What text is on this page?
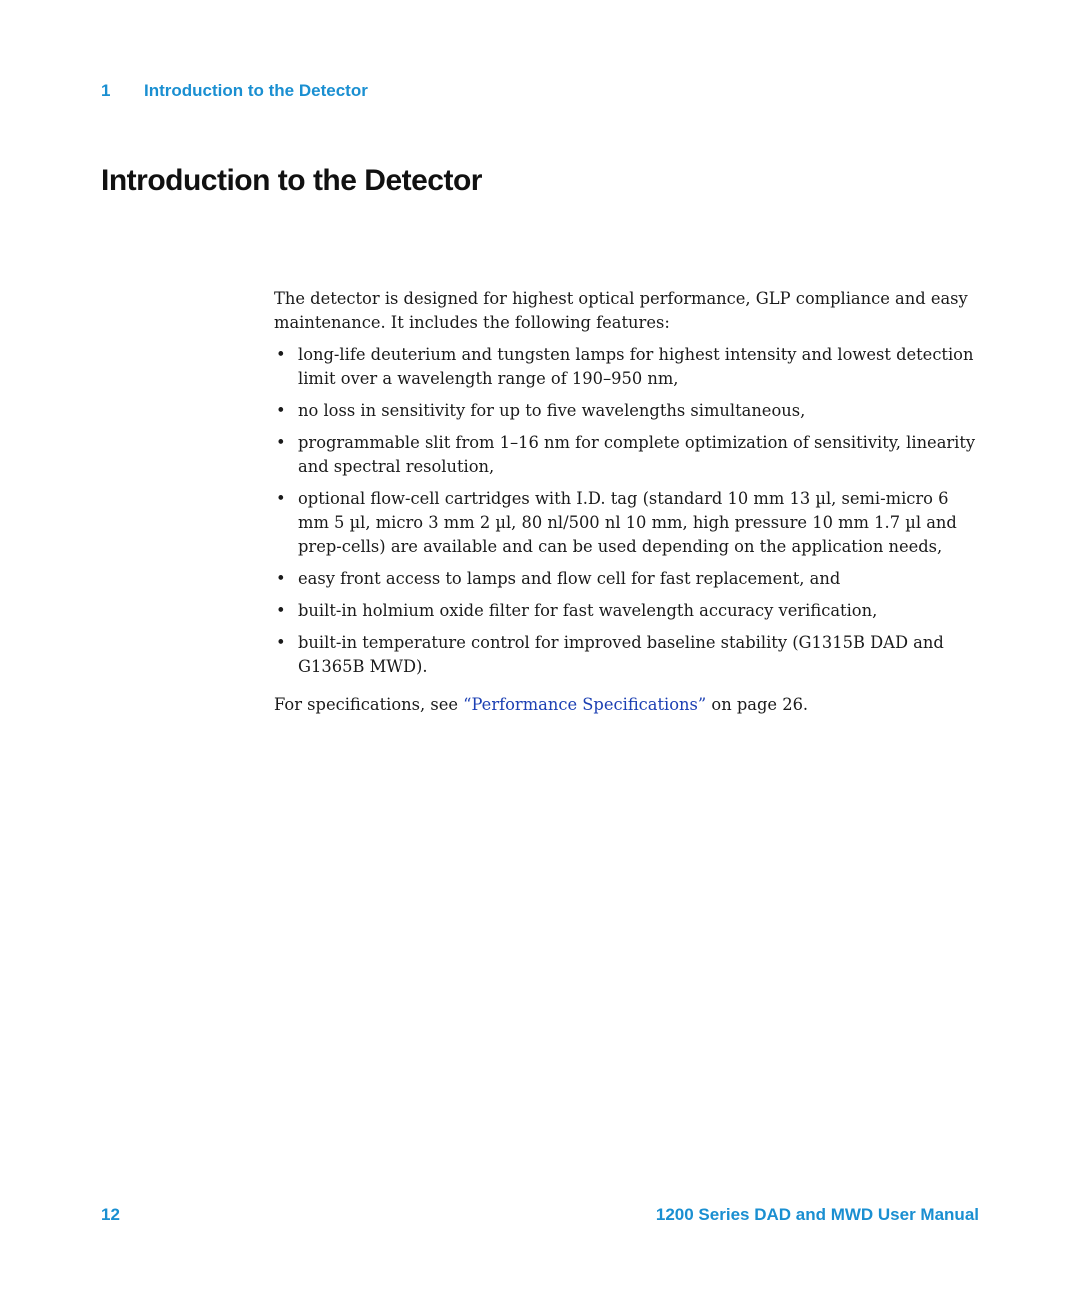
1 Introduction to the Detector
Introduction to the Detector

The detector is designed for highest optical performance, GLP compliance and easy maintenance. It includes the following features:

• long-life deuterium and tungsten lamps for highest intensity and lowest detection limit over a wavelength range of 190–950 nm,
• no loss in sensitivity for up to five wavelengths simultaneous,
• programmable slit from 1–16 nm for complete optimization of sensitivity, linearity and spectral resolution,
• optional flow-cell cartridges with I.D. tag (standard 10 mm 13 µl, semi-micro 6 mm 5 µl, micro 3 mm 2 µl, 80 nl/500 nl 10 mm, high pressure 10 mm 1.7 µl and prep-cells) are available and can be used depending on the application needs,
• easy front access to lamps and flow cell for fast replacement, and
• built-in holmium oxide filter for fast wavelength accuracy verification,
• built-in temperature control for improved baseline stability (G1315B DAD and G1365B MWD).

For specifications, see “Performance Specifications” on page 26.

12	1200 Series DAD and MWD User Manual
